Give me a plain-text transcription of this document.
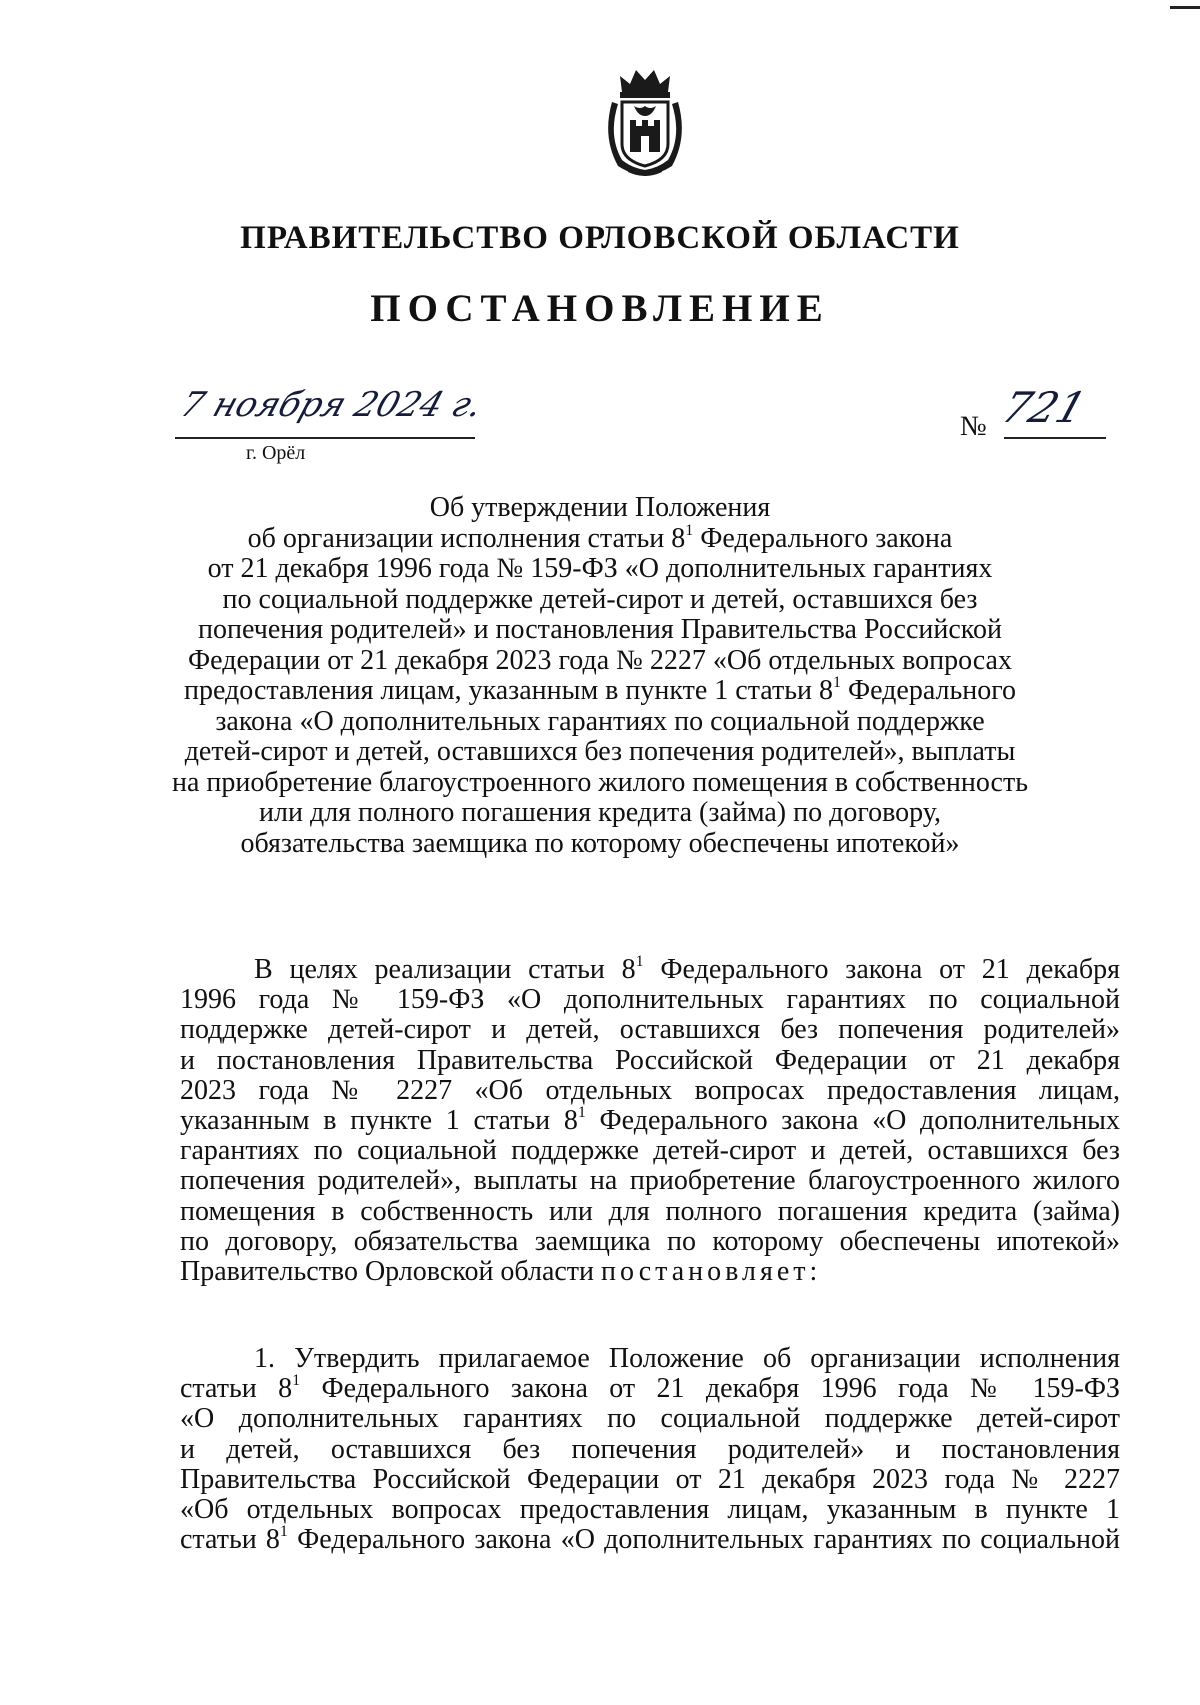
ПРАВИТЕЛЬСТВО ОРЛОВСКОЙ ОБЛАСТИ
ПОСТАНОВЛЕНИЕ
7 ноября 2024 г.
г. Орёл
№ 721
Об утверждении Положения
об организации исполнения статьи $8^1$ Федерального закона
от 21 декабря 1996 года № 159-ФЗ «О дополнительных гарантиях
по социальной поддержке детей-сирот и детей, оставшихся без
попечения родителей» и постановления Правительства Российской
Федерации от 21 декабря 2023 года № 2227 «Об отдельных вопросах
предоставления лицам, указанным в пункте 1 статьи $8^1$ Федерального
закона «О дополнительных гарантиях по социальной поддержке
детей-сирот и детей, оставшихся без попечения родителей», выплаты
на приобретение благоустроенного жилого помещения в собственность
или для полного погашения кредита (займа) по договору,
обязательства заемщика по которому обеспечены ипотекой»
В целях реализации статьи $8^1$ Федерального закона от 21 декабря
1996 года № 159-ФЗ «О дополнительных гарантиях по социальной
поддержке детей-сирот и детей, оставшихся без попечения родителей»
и постановления Правительства Российской Федерации от 21 декабря
2023 года № 2227 «Об отдельных вопросах предоставления лицам,
указанным в пункте 1 статьи $8^1$ Федерального закона «О дополнительных
гарантиях по социальной поддержке детей-сирот и детей, оставшихся без
попечения родителей», выплаты на приобретение благоустроенного жилого
помещения в собственность или для полного погашения кредита (займа)
по договору, обязательства заемщика по которому обеспечены ипотекой»
Правительство Орловской области постановляет:
1. Утвердить прилагаемое Положение об организации исполнения
статьи $8^1$ Федерального закона от 21 декабря 1996 года № 159-ФЗ
«О дополнительных гарантиях по социальной поддержке детей-сирот
и детей, оставшихся без попечения родителей» и постановления
Правительства Российской Федерации от 21 декабря 2023 года № 2227
«Об отдельных вопросах предоставления лицам, указанным в пункте 1
статьи $8^1$ Федерального закона «О дополнительных гарантиях по социальной
